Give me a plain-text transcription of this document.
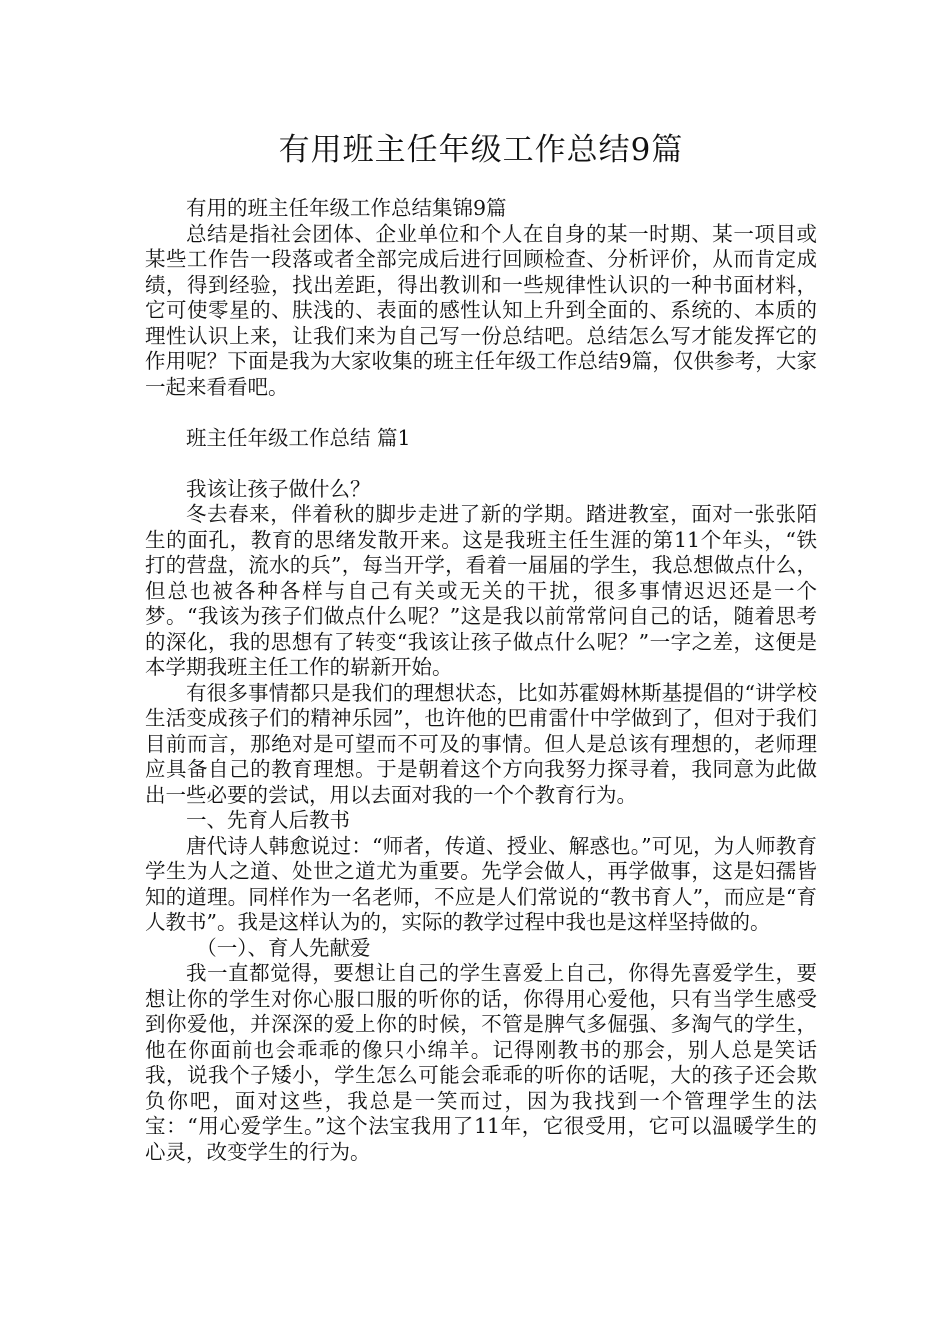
有用班主任年级工作总结9篇

有用的班主任年级工作总结集锦9篇

总结是指社会团体、企业单位和个人在自身的某一时期、某一项目或某些工作告一段落或者全部完成后进行回顾检查、分析评价，从而肯定成绩，得到经验，找出差距，得出教训和一些规律性认识的一种书面材料，它可使零星的、肤浅的、表面的感性认知上升到全面的、系统的、本质的理性认识上来，让我们来为自己写一份总结吧。总结怎么写才能发挥它的作用呢？下面是我为大家收集的班主任年级工作总结9篇，仅供参考，大家一起来看看吧。

班主任年级工作总结 篇1

我该让孩子做什么？

冬去春来，伴着秋的脚步走进了新的学期。踏进教室，面对一张张陌生的面孔，教育的思绪发散开来。这是我班主任生涯的第11个年头，“铁打的营盘，流水的兵”，每当开学，看着一届届的学生，我总想做点什么，但总也被各种各样与自己有关或无关的干扰，很多事情迟迟还是一个梦。“我该为孩子们做点什么呢？”这是我以前常常问自己的话，随着思考的深化，我的思想有了转变“我该让孩子做点什么呢？”一字之差，这便是本学期我班主任工作的崭新开始。

有很多事情都只是我们的理想状态，比如苏霍姆林斯基提倡的“讲学校生活变成孩子们的精神乐园”，也许他的巴甫雷什中学做到了，但对于我们目前而言，那绝对是可望而不可及的事情。但人是总该有理想的，老师理应具备自己的教育理想。于是朝着这个方向我努力探寻着，我同意为此做出一些必要的尝试，用以去面对我的一个个教育行为。

一、先育人后教书

唐代诗人韩愈说过：“师者，传道、授业、解惑也。”可见，为人师教育学生为人之道、处世之道尤为重要。先学会做人，再学做事，这是妇孺皆知的道理。同样作为一名老师，不应是人们常说的“教书育人”，而应是“育人教书”。我是这样认为的，实际的教学过程中我也是这样坚持做的。

（一）、育人先献爱

我一直都觉得，要想让自己的学生喜爱上自己，你得先喜爱学生，要想让你的学生对你心服口服的听你的话，你得用心爱他，只有当学生感受到你爱他，并深深的爱上你的时候，不管是脾气多倔强、多淘气的学生，他在你面前也会乖乖的像只小绵羊。记得刚教书的那会，别人总是笑话我，说我个子矮小，学生怎么可能会乖乖的听你的话呢，大的孩子还会欺负你吧，面对这些，我总是一笑而过，因为我找到一个管理学生的法宝：“用心爱学生。”这个法宝我用了11年，它很受用，它可以温暖学生的心灵，改变学生的行为。
